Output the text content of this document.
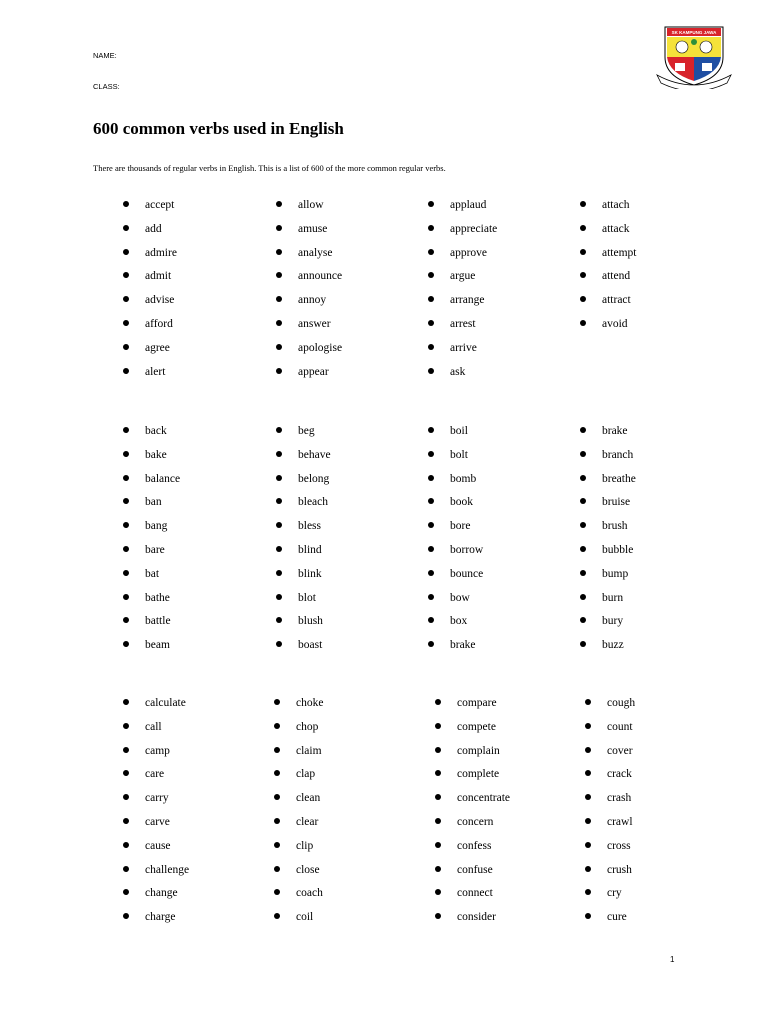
NAME:
CLASS:
SK KAMPUNG JAWA
600 common verbs used in English

There are thousands of regular verbs in English. This is a list of 600 of the more common regular verbs.

accept
add
admire
admit
advise
afford
agree
alert
allow
amuse
analyse
announce
annoy
answer
apologise
appear
applaud
appreciate
approve
argue
arrange
arrest
arrive
ask
attach
attack
attempt
attend
attract
avoid
back
bake
balance
ban
bang
bare
bat
bathe
battle
beam
beg
behave
belong
bleach
bless
blind
blink
blot
blush
boast
boil
bolt
bomb
book
bore
borrow
bounce
bow
box
brake
brake
branch
breathe
bruise
brush
bubble
bump
burn
bury
buzz
calculate
call
camp
care
carry
carve
cause
challenge
change
charge
choke
chop
claim
clap
clean
clear
clip
close
coach
coil
compare
compete
complain
complete
concentrate
concern
confess
confuse
connect
consider
cough
count
cover
crack
crash
crawl
cross
crush
cry
cure
1
